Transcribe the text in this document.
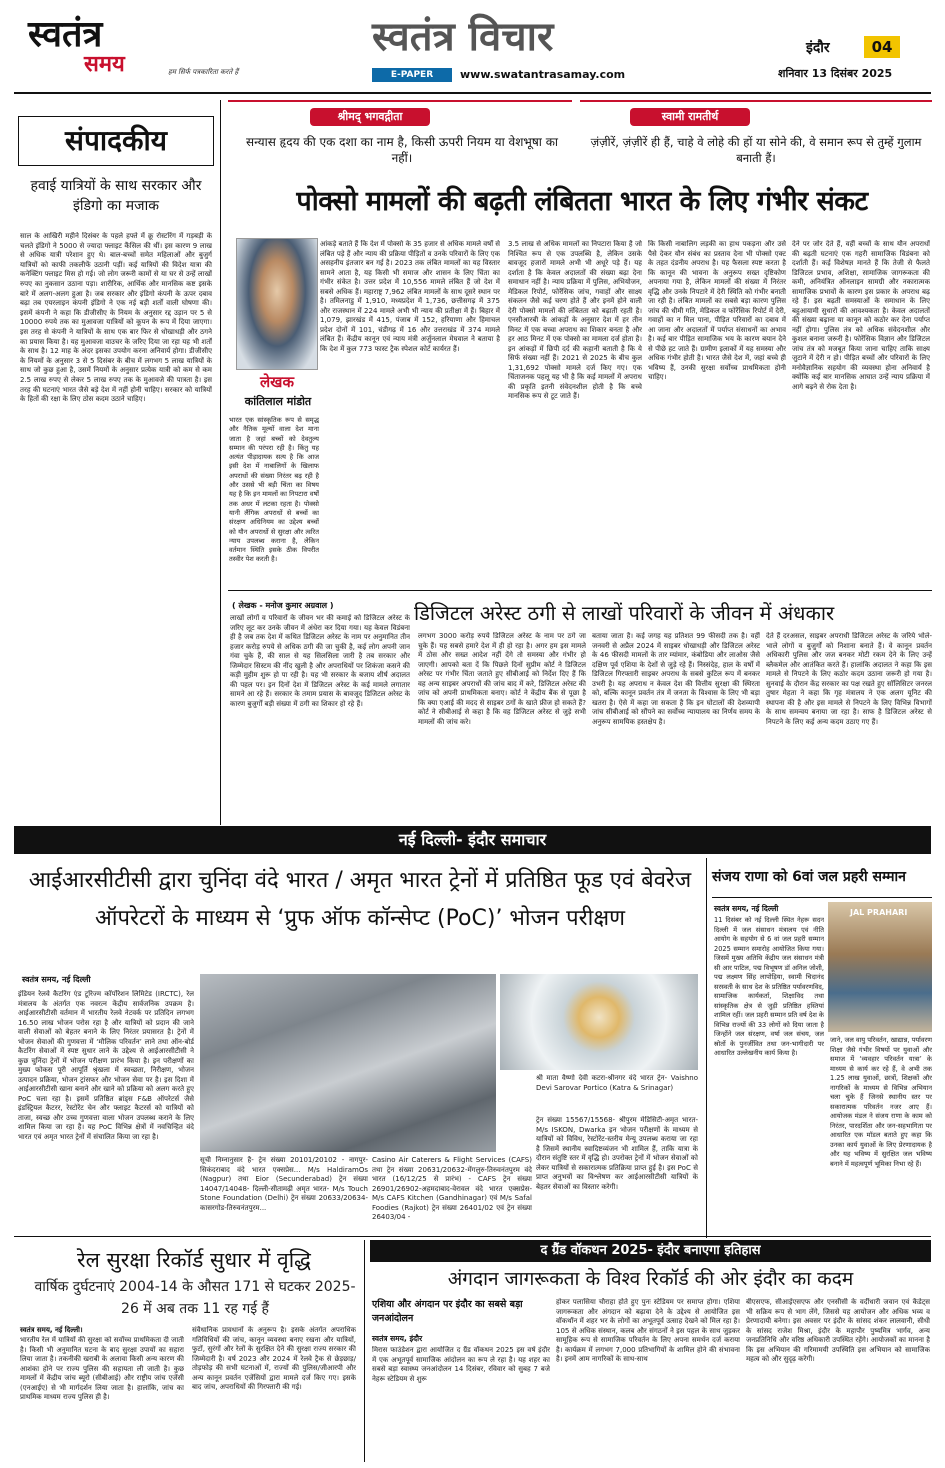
स्वतंत्र
समय	हम सिर्फ पत्रकारिता करते हैं
स्वतंत्र विचार
E-PAPER	www.swatantrasamay.com
इंदौर	04
शनिवार 13 दिसंबर 2025
संपादकीय
हवाई यात्रियों के साथ सरकार और इंडिगो का मजाक
साल के आखिरी महीने दिसंबर के पहले हफ्ते में क्रू रोस्टरिंग में गड़बड़ी के चलते इंडिगो ने 5000 से ज्यादा फ्लाइट कैंसिल की थीं। इस कारण 9 लाख से अधिक यात्री परेशान हुए थे। बाल-बच्चों समेत महिलाओं और बुजुर्ग यात्रियों को काफी तकलीफें उठानी पड़ीं। कई यात्रियों की विदेश यात्रा की कनेक्टिंग फ्लाइट मिस हो गई। जो लोग जरूरी कामों से या घर से उन्हें लाखों रुपए का नुकसान उठाना पड़ा। शारीरिक, आर्थिक और मानसिक कष्ट इसके बारे में अलग-अलग हुआ है। जब सरकार और इंडिगो कंपनी के ऊपर दबाव बढ़ा तब एयरलाइन कंपनी इंडिगो ने एक नई बड़ी शर्तों वाली घोषणा की। इसमें कंपनी ने कहा कि डीजीसीए के नियम के अनुसार रद्द उड़ान पर 5 से 10000 रुपये तक का मुआवजा यात्रियों को कूपन के रूप में दिया जाएगा। इस तरह से कंपनी ने यात्रियों के साथ एक बार फिर से धोखाधड़ी और ठगने का प्रयास किया है। यह मुआवजा वाउचर के जरिए दिया जा रहा यह भी शर्तों के साथ है। 12 माह के अंदर इसका उपयोग करना अनिवार्य होगा। डीजीसीए के नियमों के अनुसार 3 से 5 दिसंबर के बीच में लगभग 5 लाख यात्रियों के साथ जो कुछ हुआ है, उसमें नियमों के अनुसार प्रत्येक यात्री को कम से कम 2.5 लाख रुपए से लेकर 5 लाख रुपए तक के मुआवजे की पात्रता है। इस तरह की घटनाएं भारत जैसे बड़े देश में नहीं होनी चाहिए। सरकार को यात्रियों के हितों की रक्षा के लिए ठोस कदम उठाने चाहिए।
श्रीमद् भगवद्गीता
सन्यास हृदय की एक दशा का नाम है, किसी ऊपरी नियम या वेशभूषा का नहीं।
स्वामी रामतीर्थ
ज़ंज़ीरें, ज़ंज़ीरें ही हैं, चाहे वे लोहे की हों या सोने की, वे समान रूप से तुम्हें गुलाम बनाती हैं।
पोक्सो मामलों की बढ़ती लंबितता भारत के लिए गंभीर संकट
लेखक
कांतिलाल मांडोत
भारत एक सांस्कृतिक रूप से समृद्ध और नैतिक मूल्यों वाला देश माना जाता है जहां बच्चों को देवतुल्य सम्मान की परंपरा रही है। किंतु यह अत्यंत पीड़ादायक सत्य है कि आज इसी देश में नाबालिगों के खिलाफ अपराधों की संख्या निरंतर बढ़ रही है और उससे भी बड़ी चिंता का विषय यह है कि इन मामलों का निपटारा वर्षों तक अधर में लटका रहता है। पोक्सो यानी लैंगिक अपराधों से बच्चों का संरक्षण अधिनियम का उद्देश्य बच्चों को यौन अपराधों से सुरक्षा और त्वरित न्याय उपलब्ध कराना है, लेकिन वर्तमान स्थिति इसके ठीक विपरीत तस्वीर पेश करती है।
आंकड़े बताते हैं कि देश में पोक्सो के 35 हजार से अधिक मामले वर्षों से लंबित पड़े हैं और न्याय की प्रक्रिया पीड़ितों व उनके परिवारों के लिए एक असहनीय इंतजार बन गई है। 2023 तक लंबित मामलों का यह विस्तार सामने आता है, यह किसी भी समाज और शासन के लिए चिंता का गंभीर संकेत है। उत्तर प्रदेश में 10,556 मामले लंबित हैं जो देश में सबसे अधिक हैं। महाराष्ट्र 7,962 लंबित मामलों के साथ दूसरे स्थान पर है। तमिलनाडु में 1,910, मध्यप्रदेश में 1,736, छत्तीसगढ़ में 375 और राजस्थान में 224 मामले अभी भी न्याय की प्रतीक्षा में हैं। बिहार में 1,079, झारखंड में 415, पंजाब में 152, हरियाणा और हिमाचल प्रदेश दोनों में 101, चंडीगढ़ में 16 और उत्तराखंड में 374 मामले लंबित हैं। केंद्रीय कानून एवं न्याय मंत्री अर्जुनलाल मेघवाल ने बताया है कि देश में कुल 773 फास्ट ट्रैक स्पेशल कोर्ट कार्यरत हैं।
3.5 लाख से अधिक मामलों का निपटारा किया है जो निश्चित रूप से एक उपलब्धि है, लेकिन उसके बावजूद हजारों मामले अभी भी अधूरे पड़े हैं। यह दर्शाता है कि केवल अदालतों की संख्या बढ़ा देना समाधान नहीं है। न्याय प्रक्रिया में पुलिस, अभियोजन, मेडिकल रिपोर्ट, फोरेंसिक जांच, गवाहों और साक्ष्य संकलन जैसे कई चरण होते हैं और इनमें होने वाली देरी पोक्सो मामलों की लंबितता को बढ़ाती रहती है। एनसीआरबी के आंकड़ों के अनुसार देश में हर तीन मिनट में एक बच्चा अपराध का शिकार बनता है और हर आठ मिनट में एक पोक्सो का मामला दर्ज होता है। इन आंकड़ों में छिपी दर्द की कहानी बताती है कि ये सिर्फ संख्या नहीं हैं। 2021 से 2025 के बीच कुल 1,31,692 पोक्सो मामले दर्ज किए गए। एक चिंताजनक पहलू यह भी है कि कई मामलों में अपराध की प्रकृति इतनी संवेदनशील होती है कि बच्चे मानसिक रूप से टूट जाते हैं।
कि किसी नाबालिग लड़की का हाथ पकड़ना और उसे पैसे देकर यौन संबंध का प्रस्ताव देना भी पोक्सो एक्ट के तहत दंडनीय अपराध है। यह फैसला स्पष्ट करता है कि कानून की भावना के अनुरूप सख्त दृष्टिकोण अपनाया गया है, लेकिन मामलों की संख्या में निरंतर वृद्धि और उनके निपटारे में देरी स्थिति को गंभीर बनाती जा रही है। लंबित मामलों का सबसे बड़ा कारण पुलिस जांच की धीमी गति, मेडिकल व फोरेंसिक रिपोर्ट में देरी, गवाहों का न मिल पाना, पीड़ित परिवारों का दबाव में आ जाना और अदालतों में पर्याप्त संसाधनों का अभाव है। कई बार पीड़ित सामाजिक भय के कारण बयान देने से पीछे हट जाते हैं। ग्रामीण इलाकों में यह समस्या और अधिक गंभीर होती है। भारत जैसे देश में, जहां बच्चे ही भविष्य हैं, उनकी सुरक्षा सर्वोच्च प्राथमिकता होनी चाहिए।
देने पर जोर देते हैं, वहीं बच्चों के साथ यौन अपराधों की बढ़ती घटनाएं एक गहरी सामाजिक विडंबना को दर्शाती हैं। कई विशेषज्ञ मानते हैं कि तेजी से फैलते डिजिटल प्रभाव, अशिक्षा, सामाजिक जागरूकता की कमी, अनियंत्रित ऑनलाइन सामग्री और नकारात्मक सामाजिक प्रभावों के कारण इस प्रकार के अपराध बढ़ रहे हैं। इस बढ़ती समस्याओं के समाधान के लिए बहुआयामी सुधारों की आवश्यकता है। केवल अदालतों की संख्या बढ़ाना या कानून को कठोर कर देना पर्याप्त नहीं होगा। पुलिस तंत्र को अधिक संवेदनशील और कुशल बनाना जरूरी है। फोरेंसिक विज्ञान और डिजिटल जांच तंत्र को मजबूत किया जाना चाहिए ताकि साक्ष्य जुटाने में देरी न हो। पीड़ित बच्चों और परिवारों के लिए मनोवैज्ञानिक सहयोग की व्यवस्था होना अनिवार्य है क्योंकि कई बार मानसिक आघात उन्हें न्याय प्रक्रिया में आगे बढ़ने से रोक देता है।
( लेखक - मनोज कुमार अग्रवाल )	डिजिटल अरेस्ट ठगी से लाखों परिवारों के जीवन में अंधकार
लाखों लोगों व परिवारों के जीवन भर की कमाई को डिजिटल अरेस्ट के जरिए लूट कर उनके जीवन में अंधेरा कर दिया गया। यह केवल विडंबना ही है जब तक देश में कथित डिजिटल अरेस्ट के नाम पर अनुमानित तीन हजार करोड़ रुपये से अधिक ठगी की जा चुकी है, कई लोग अपनी जान गंवा चुके हैं, की साल से यह सिलसिला जारी है तब सरकार और जिम्मेदार सिस्टम की नींद खुली है और अपराधियों पर शिकंजा कसने की कड़ी मुहीम शुरू हो पा रही है। यह भी सरकार के बजाय शीर्ष अदालत की पहल पर। इन दिनों देश में डिजिटल अरेस्ट के कई मामले लगातार सामने आ रहे हैं। सरकार के तमाम प्रयास के बावजूद डिजिटल अरेस्ट के कारण बुजुर्गों बड़ी संख्या में ठगी का शिकार हो रहे हैं।
लगभग 3000 करोड़ रुपये डिजिटल अरेस्ट के नाम पर ठगे जा चुके हैं। यह सबसे हमारे देश में ही हो रहा है। अगर हम इस मामले में ठोस और सख्त आदेश नहीं देंगे तो समस्या और गंभीर हो जाएगी। आपको बता दें कि पिछले दिनों सुप्रीम कोर्ट ने डिजिटल अरेस्ट पर गंभीर चिंता जताते हुए सीबीआई को निर्देश दिए हैं कि वह अन्य साइबर अपराधों की जांच बाद में करे, डिजिटल अरेस्ट की जांच को अपनी प्राथमिकता बनाए। कोर्ट ने केंद्रीय बैंक से पूछा है कि क्या एआई की मदद से साइबर ठगों के खाते फ्रीज हो सकते हैं? कोर्ट ने सीबीआई से कहा है कि वह डिजिटल अरेस्ट से जुड़े सभी मामलों की जांच करे।
बताया जाता है। कई जगह यह प्रतिशत 99 फीसदी तक है। वहीं जनवरी से अप्रैल 2024 में साइबर धोखाधड़ी और डिजिटल अरेस्ट के 46 फीसदी मामलों के तार म्यांमार, कंबोडिया और लाओस जैसे दक्षिण पूर्व एशिया के देशों से जुड़े रहे हैं। निस्संदेह, हाल के वर्षों में डिजिटल गिरफ्तारी साइबर अपराध के सबसे कुटिल रूप में बनकर उभरी है। यह अपराध न केवल देश की वित्तीय सुरक्षा की स्थिरता को, बल्कि कानून प्रवर्तन तंत्र में जनता के विश्वास के लिए भी बड़ा खतरा है। ऐसे में कहा जा सकता है कि इन घोटालों की देशव्यापी जांच सीबीआई को सौंपने का सर्वोच्च न्यायालय का निर्णय समय के अनुरूप सामयिक हस्तक्षेप है।
देते हैं दरअसल, साइबर अपराधी डिजिटल अरेस्ट के जरिये भोले-भाले लोगों व बुजुर्गों को निशाना बनाते हैं। वे कानून प्रवर्तन अधिकारी पुलिस और जज बनकर मोटी रकम देने के लिए उन्हें ब्लैकमेल और आतंकित करते हैं। हालांकि अदालत ने कहा कि इस मामले से निपटने के लिए कठोर कदम उठाना जरूरी हो गया है। सुनवाई के दौरान केंद्र सरकार का पक्ष रखते हुए सॉलिसिटर जनरल तुषार मेहता ने कहा कि गृह मंत्रालय ने एक अलग यूनिट की स्थापना की है और इस मामले से निपटने के लिए विभिन्न विभागों के साथ समन्वय बनाया जा रहा है। साफ है डिजिटल अरेस्ट से निपटने के लिए कई अन्य कदम उठाए गए हैं।
नई दिल्ली- इंदौर समाचार
आईआरसीटीसी द्वारा चुनिंदा वंदे भारत / अमृत भारत ट्रेनों में प्रतिष्ठित फूड एवं बेवरेज ऑपरेटरों के माध्यम से ‘प्रुफ ऑफ कॉन्सेप्ट (PoC)’ भोजन परीक्षण
स्वतंत्र समय, नई दिल्ली
इंडियन रेलवे कैटरिंग एंड टूरिज्म कॉर्पोरेशन लिमिटेड (IRCTC), रेल मंत्रालय के अंतर्गत एक नवरत्न केंद्रीय सार्वजनिक उपक्रम है। आईआरसीटीसी वर्तमान में भारतीय रेलवे नेटवर्क पर प्रतिदिन लगभग 16.50 लाख भोजन परोस रहा है और यात्रियों को प्रदान की जाने वाली सेवाओं को बेहतर बनाने के लिए निरंतर प्रयासरत है। ट्रेनों में भोजन सेवाओं की गुणवत्ता में ‘मौलिक परिवर्तन’ लाने तथा ऑन-बोर्ड कैटरिंग सेवाओं में स्पष्ट सुधार लाने के उद्देश्य से आईआरसीटीसी ने कुछ चुनिंदा ट्रेनों में भोजन परीक्षण प्रारंभ किया है। इन परीक्षणों का मुख्य फोकस पूरी आपूर्ति श्रृंखला में स्वच्छता, निरीक्षण, भोजन उत्पादन प्रक्रिया, भोजन ट्रांसफर और भोजन सेवा पर है। इस दिशा में आईआरसीटीसी खाना बनाने और खाने को प्रक्रिया को अलग करते हुए PoC चला रहा है। इसमें प्रतिष्ठित ब्रांड्स F&B ऑपरेटर्स जैसे इंडस्ट्रियल कैटरर, रेस्टोरेंट चेन और फ्लाइट कैटरर्स को यात्रियों को ताजा, स्वच्छ और उच्च गुणवत्ता वाला भोजन उपलब्ध कराने के लिए शामिल किया जा रहा है। यह PoC विभिन्न क्षेत्रों में नवचिन्हित वंदे भारत एवं अमृत भारत ट्रेनों में संचालित किया जा रहा है।
श्री माता वैष्णो देवी कटरा-श्रीनगर वंदे भारत ट्रेन- Vaishno Devi Sarovar Portico (Katra & Srinagar)
सूची निम्नानुसार है- ट्रेन संख्या 20101/20102 - नागपुर-सिकंदराबाद वंदे भारत एक्सप्रेस... M/s HaldiramOs (Nagpur) तथा Eior (Secunderabad) ट्रेन संख्या 14047/14048- दिल्ली-सीतामढ़ी अमृत भारत- M/s Touch Stone Foundation (Delhi) ट्रेन संख्या 20633/20634-कासरगोड-तिरुवनंतपुरम...
Casino Air Caterers & Flight Services (CAFS) तथा ट्रेन संख्या 20631/20632-मेंगलुरु-तिरुवनंतपुरम वंदे भारत (16/12/25 से प्रारंभ) - CAFS ट्रेन संख्या 26901/26902-अहमदाबाद-वेरावल वंदे भारत एक्सप्रेस- M/s CAFS Kitchen (Gandhinagar) एवं M/s Safal Foodies (Rajkot) ट्रेन संख्या 26401/02 एवं ट्रेन संख्या 26403/04 -
ट्रेन संख्या 15567/15568- श्रीपुरम मेडिसिटी-अमृत भारत- M/s ISKON, Dwarka इन भोजन परीक्षणों के माध्यम से यात्रियों को विविध, रेस्टोरेंट-स्तरीय मेन्यू उपलब्ध कराया जा रहा है जिसमें स्थानीय स्वादिष्टव्यंजन भी शामिल हैं, ताकि यात्रा के दौरान संतुष्टि स्तर में वृद्धि हो। उपरोक्त ट्रेनों में भोजन सेवाओं को लेकर यात्रियों से सकारात्मक प्रतिक्रिया प्राप्त हुई है। इस PoC से प्राप्त अनुभवों का विश्लेषण कर आईआरसीटीसी यात्रियों के बेहतर सेवाओं का विस्तार करेगी।
संजय राणा को 6वां जल प्रहरी सम्मान
स्वतंत्र समय, नई दिल्ली	JAL PRAHARI
11 दिसंबर को नई दिल्ली स्थित नेहरू सदन दिल्ली में जल संसाधन मंत्रालय एवं नीति आयोग के सहयोग से 6 वां जल प्रहरी सम्मान 2025 सम्मान समारोह आयोजित किया गया। जिसमें मुख्य अतिथि केंद्रीय जल संसाधन मंत्री सी आर पाटिल, पद्म विभूषण डॉ अनिल जोशी, पद्म लक्ष्मण सिंह लापोड़िया, स्वामी चिदानंद सरस्वती के साथ देश के प्रतिष्ठित पर्यावरणविद, सामाजिक कार्यकर्ता, शिक्षाविद तथा सांस्कृतिक क्षेत्र से जुड़ी प्रतिष्ठित हस्तियां शामिल रहीं। जल प्रहरी सम्मान प्रति वर्ष देश के विभिन्न राज्यों की 33 लोगों को दिया जाता है जिन्होंने जल संरक्षण, वर्षा जल संचय, जल स्रोतों के पुनर्जीवित तथा जन-भागीदारी पर आधारित उल्लेखनीय कार्य किया है।
जाने, जल वायु परिवर्तन, खाद्यान्न, पर्यावरण शिक्षा जैसे गंभीर विषयों पर युवाओं और समाज में ‘व्यवहार परिवर्तन यात्रा’ के माध्यम से कार्य कर रहे हैं, वे अभी तक 1.25 लाख युवाओं, छात्रों, शिक्षकों और नागरिकों के माध्यम से विभिन्न अभियान चला चुके हैं जिनसे स्थानीय स्तर पर सकारात्मक परिवर्तन नजर आए हैं। आयोजक मंडल ने संजय राणा के काम को निरंतर, पारदर्शिता और जन-सहभागिता पर आधारित एक मॉडल बताते हुए कहा कि उनका कार्य युवाओं के लिए प्रेरणादायक है और यह भविष्य में सुरक्षित जल भविष्य बनाने में महत्वपूर्ण भूमिका निभा रहे हैं।
रेल सुरक्षा रिकॉर्ड सुधार में वृद्धि
वार्षिक दुर्घटनाएं 2004-14 के औसत 171 से घटकर 2025-26 में अब तक 11 रह गई हैं
स्वतंत्र समय, नई दिल्ली।
भारतीय रेल में यात्रियों की सुरक्षा को सर्वोच्च प्राथमिकता दी जाती है। किसी भी अनुमानित घटना के बाद सुरक्षा उपायों का सहारा लिया जाता है। तकनीकी खराबी के अलावा किसी अन्य कारण की आशंका होने पर राज्य पुलिस की सहायता ली जाती है। कुछ मामलों में केंद्रीय जांच ब्यूरो (सीबीआई) और राष्ट्रीय जांच एजेंसी (एनआईए) से भी मार्गदर्शन लिया जाता है। हालांकि, जांच का प्राथमिक माध्यम राज्य पुलिस ही है।
संवैधानिक प्रावधानों के अनुरूप है। इसके अंतर्गत अपराधिक गतिविधियों की जांच, कानून व्यवस्था बनाए रखना और यात्रियों, फुटों, सुरंगों और रेलों के सुरक्षित देने की सुरक्षा राज्य सरकार की जिम्मेदारी है। वर्ष 2023 और 2024 में रेलवे ट्रैक से छेड़छाड़/तोड़फोड़ की सभी घटनाओं में, राज्यों की पुलिस/जीआरपी और अन्य कानून प्रवर्तन एजेंसियों द्वारा मामले दर्ज किए गए। इसके बाद जांच, अपराधियों की गिरफ्तारी की गई।
द ग्रैंड वॉकथन 2025- इंदौर बनाएगा इतिहास
अंगदान जागरूकता के विश्व रिकॉर्ड की ओर इंदौर का कदम
एशिया और अंगदान पर इंदौर का सबसे बड़ा जनआंदोलन
स्वतंत्र समय, इंदौर
मिरास फाउंडेशन द्वारा आयोजित द ग्रैंड वॉकथन 2025 इस वर्ष इंदौर में एक अभूतपूर्व सामाजिक आंदोलन का रूप ले रहा है। यह शहर का सबसे बड़ा स्वास्थ्य जनआंदोलन 14 दिसंबर, रविवार को सुबह 7 बजे नेहरू स्टेडियम से शुरू
होकर पलासिया चौराहा होते हुए पुनः स्टेडियम पर समाप्त होगा। एशिया जागरूकता और अंगदान को बढ़ावा देने के उद्देश्य से आयोजित इस वॉकथॉन में शहर भर के लोगों का अभूतपूर्व उत्साह देखने को मिल रहा है। 105 से अधिक संस्थान, कलब और संगठनों ने इस पहल के साथ जुड़कर सामूहिक रूप से सामाजिक परिवर्तन के लिए अपना समर्थन दर्ज कराया है। कार्यक्रम में लगभग 7,000 प्रतिभागियों के शामिल होने की संभावना है। इनमें आम नागरिकों के साथ-साथ
बीएसएफ, सीआईएसएफ और एनसीसी के वर्दीधारी जवान एवं कैडेट्स भी सक्रिय रूप से भाग लेंगे, जिससे यह आयोजन और अधिक भव्य व प्रेरणादायी बनेगा। इस अवसर पर इंदौर के सांसद शंकर लालवानी, सीधी के सांसद राजेश मिश्रा, इंदौर के महापौर पुष्यमित्र भार्गव, अन्य जनप्रतिनिधि और वरिष्ठ अधिकारी उपस्थित रहेंगे। आयोजकों का मानना है कि इस अभियान की गरिमामयी उपस्थिति इस अभियान को सामाजिक महत्व को और सुदृढ़ करेगी।
